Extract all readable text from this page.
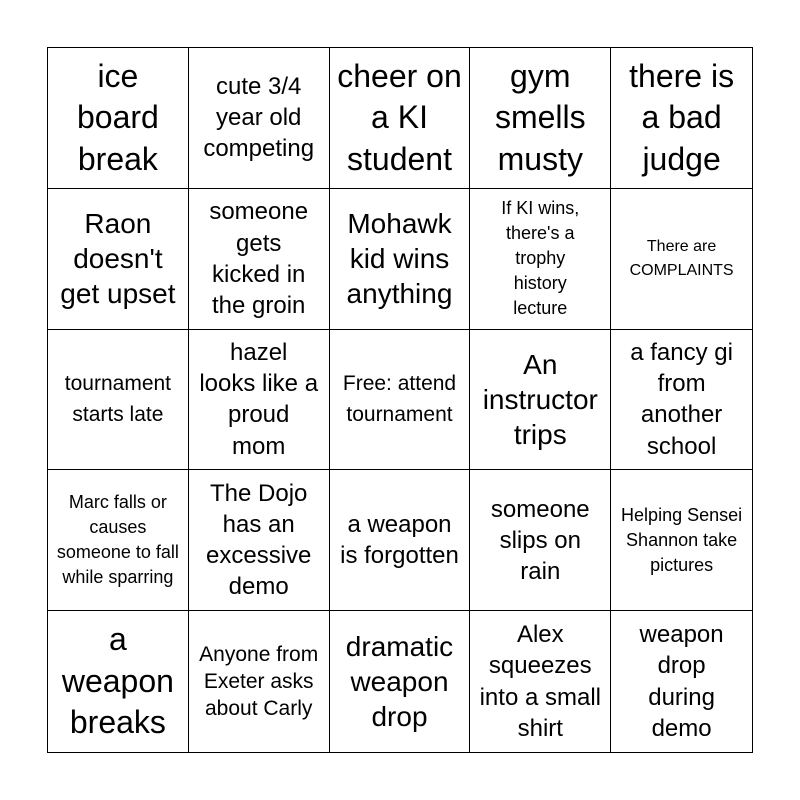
ice board break
cute 3/4 year old competing
cheer on a KI student
gym smells musty
there is a bad judge
Raon doesn't get upset
someone gets kicked in the groin
Mohawk kid wins anything
If KI wins, there's a trophy history lecture
There are COMPLAINTS
tournament starts late
hazel looks like a proud mom
Free: attend tournament
An instructor trips
a fancy gi from another school
Marc falls or causes someone to fall while sparring
The Dojo has an excessive demo
a weapon is forgotten
someone slips on rain
Helping Sensei Shannon take pictures
a weapon breaks
Anyone from Exeter asks about Carly
dramatic weapon drop
Alex squeezes into a small shirt
weapon drop during demo
